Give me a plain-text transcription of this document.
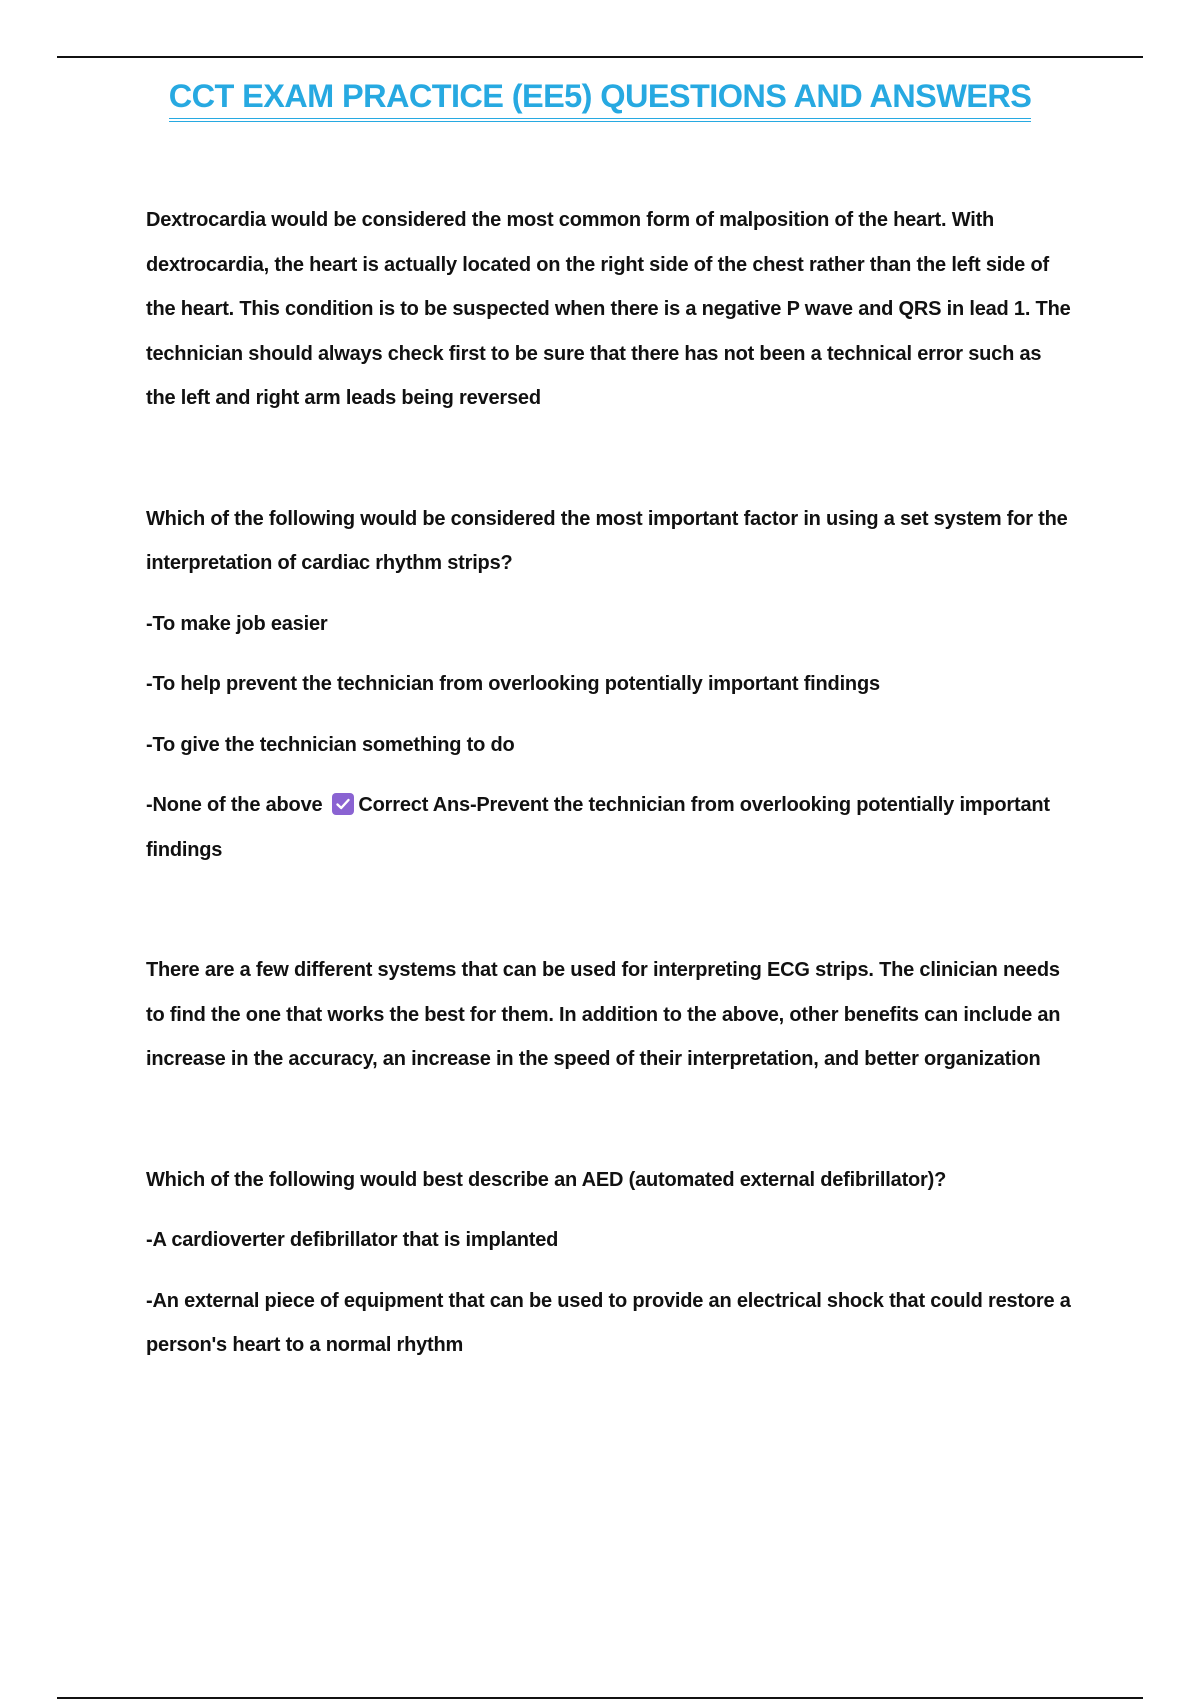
CCT EXAM PRACTICE (EE5) QUESTIONS AND ANSWERS

Dextrocardia would be considered the most common form of malposition of the heart. With dextrocardia, the heart is actually located on the right side of the chest rather than the left side of the heart. This condition is to be suspected when there is a negative P wave and QRS in lead 1. The technician should always check first to be sure that there has not been a technical error such as the left and right arm leads being reversed

Which of the following would be considered the most important factor in using a set system for the interpretation of cardiac rhythm strips?

-To make job easier

-To help prevent the technician from overlooking potentially important findings

-To give the technician something to do

-None of the above Correct Ans-Prevent the technician from overlooking potentially important findings

There are a few different systems that can be used for interpreting ECG strips. The clinician needs to find the one that works the best for them. In addition to the above, other benefits can include an increase in the accuracy, an increase in the speed of their interpretation, and better organization

Which of the following would best describe an AED (automated external defibrillator)?

-A cardioverter defibrillator that is implanted

-An external piece of equipment that can be used to provide an electrical shock that could restore a person's heart to a normal rhythm
